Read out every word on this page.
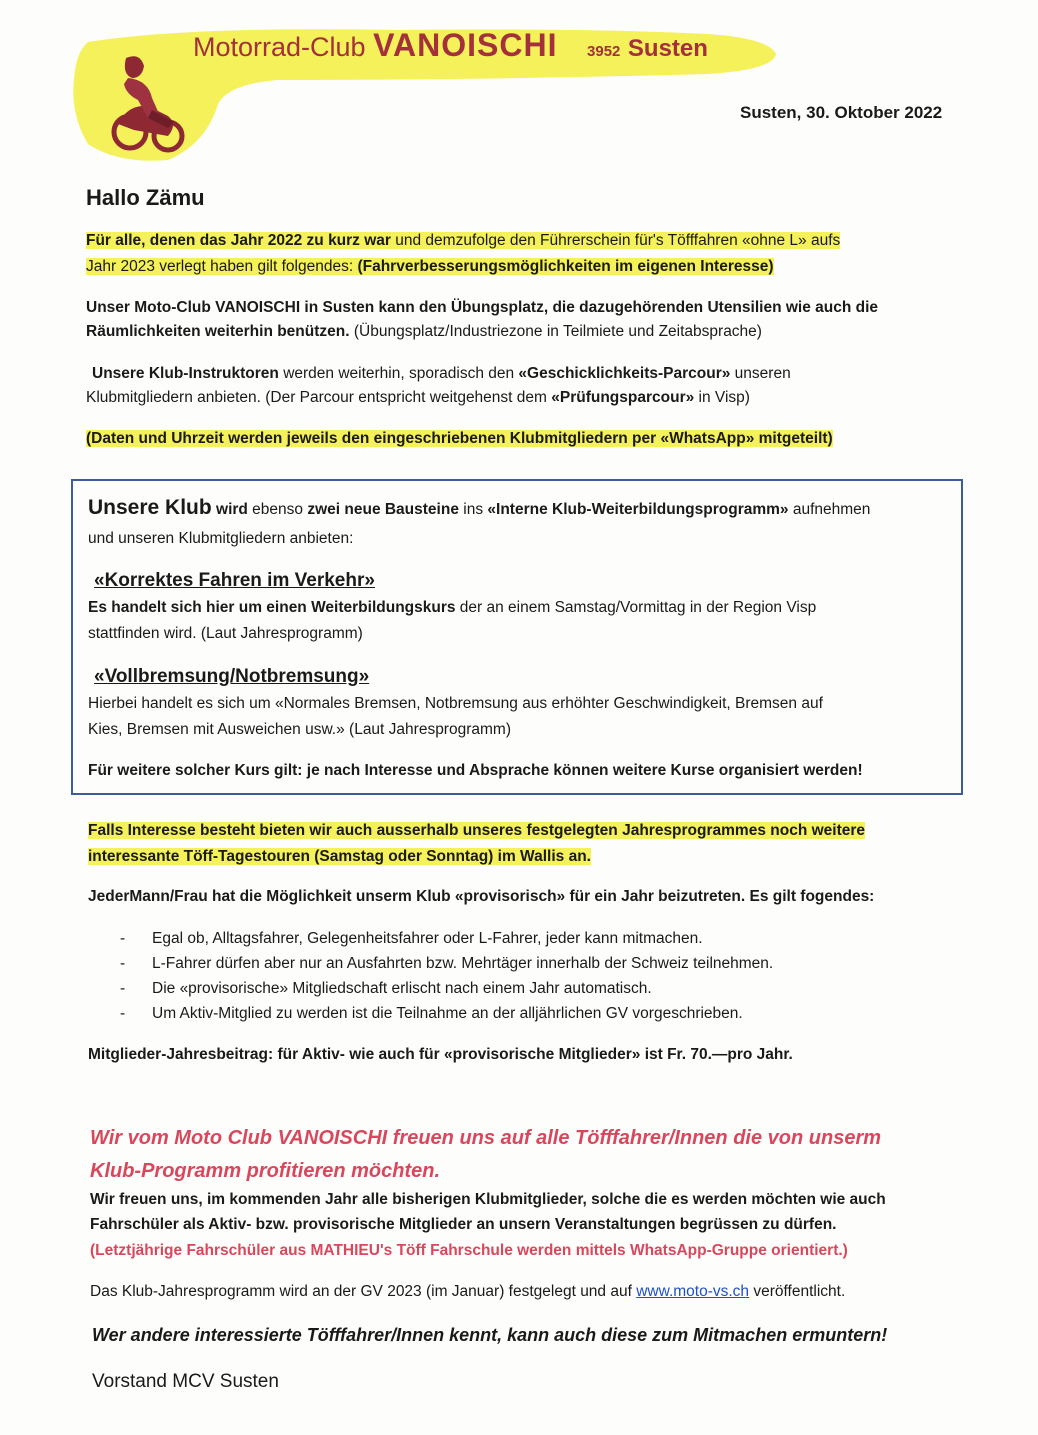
Motorrad-Club VANOISCHI 3952 Susten
Susten, 30. Oktober 2022
Hallo Zämu
Für alle, denen das Jahr 2022 zu kurz war und demzufolge den Führerschein für's Töfffahren «ohne L» aufs
Jahr 2023 verlegt haben gilt folgendes: (Fahrverbesserungsmöglichkeiten im eigenen Interesse)
Unser Moto-Club VANOISCHI in Susten kann den Übungsplatz, die dazugehörenden Utensilien wie auch die
Räumlichkeiten weiterhin benützen. (Übungsplatz/Industriezone in Teilmiete und Zeitabsprache)
Unsere Klub-Instruktoren werden weiterhin, sporadisch den «Geschicklichkeits-Parcour» unseren
Klubmitgliedern anbieten. (Der Parcour entspricht weitgehenst dem «Prüfungsparcour» in Visp)
(Daten und Uhrzeit werden jeweils den eingeschriebenen Klubmitgliedern per «WhatsApp» mitgeteilt)
Unsere Klub wird ebenso zwei neue Bausteine ins «Interne Klub-Weiterbildungsprogramm» aufnehmen
und unseren Klubmitgliedern anbieten:
«Korrektes Fahren im Verkehr»
Es handelt sich hier um einen Weiterbildungskurs der an einem Samstag/Vormittag in der Region Visp
stattfinden wird. (Laut Jahresprogramm)
«Vollbremsung/Notbremsung»
Hierbei handelt es sich um «Normales Bremsen, Notbremsung aus erhöhter Geschwindigkeit, Bremsen auf
Kies, Bremsen mit Ausweichen usw.» (Laut Jahresprogramm)
Für weitere solcher Kurs gilt: je nach Interesse und Absprache können weitere Kurse organisiert werden!
Falls Interesse besteht bieten wir auch ausserhalb unseres festgelegten Jahresprogrammes noch weitere
interessante Töff-Tagestouren (Samstag oder Sonntag) im Wallis an.
JederMann/Frau hat die Möglichkeit unserm Klub «provisorisch» für ein Jahr beizutreten. Es gilt fogendes:
- Egal ob, Alltagsfahrer, Gelegenheitsfahrer oder L-Fahrer, jeder kann mitmachen.
- L-Fahrer dürfen aber nur an Ausfahrten bzw. Mehrtäger innerhalb der Schweiz teilnehmen.
- Die «provisorische» Mitgliedschaft erlischt nach einem Jahr automatisch.
- Um Aktiv-Mitglied zu werden ist die Teilnahme an der alljährlichen GV vorgeschrieben.
Mitglieder-Jahresbeitrag: für Aktiv- wie auch für «provisorische Mitglieder» ist Fr. 70.—pro Jahr.
Wir vom Moto Club VANOISCHI freuen uns auf alle Töfffahrer/Innen die von unserm
Klub-Programm profitieren möchten.
Wir freuen uns, im kommenden Jahr alle bisherigen Klubmitglieder, solche die es werden möchten wie auch
Fahrschüler als Aktiv- bzw. provisorische Mitglieder an unsern Veranstaltungen begrüssen zu dürfen.
(Letztjährige Fahrschüler aus MATHIEU's Töff Fahrschule werden mittels WhatsApp-Gruppe orientiert.)
Das Klub-Jahresprogramm wird an der GV 2023 (im Januar) festgelegt und auf www.moto-vs.ch veröffentlicht.
Wer andere interessierte Töfffahrer/Innen kennt, kann auch diese zum Mitmachen ermuntern!
Vorstand MCV Susten
